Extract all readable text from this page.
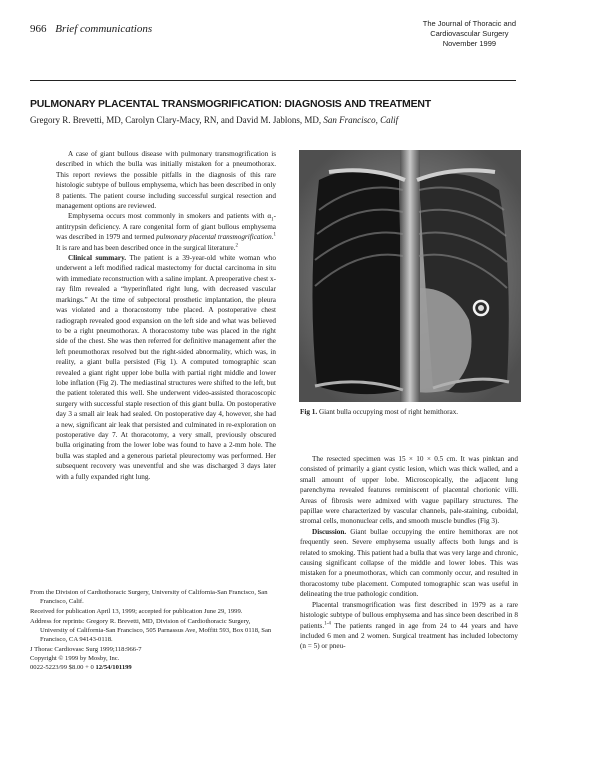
966 Brief communications	The Journal of Thoracic and
Cardiovascular Surgery
November 1999
PULMONARY PLACENTAL TRANSMOGRIFICATION: DIAGNOSIS AND TREATMENT
Gregory R. Brevetti, MD, Carolyn Clary-Macy, RN, and David M. Jablons, MD, San Francisco, Calif

A case of giant bullous disease with pulmonary transmogrification is described in which the bulla was initially mistaken for a pneumothorax. This report reviews the possible pitfalls in the diagnosis of this rare histologic subtype of bullous emphysema, which has been described in only 8 patients. The patient course including successful surgical resection and management options are reviewed.

Emphysema occurs most commonly in smokers and patients with $\alpha_1$-antitrypsin deficiency. A rare congenital form of giant bullous emphysema was described in 1979 and termed pulmonary placental transmogrification.$^1$ It is rare and has been described once in the surgical literature.$^2$

Clinical summary. The patient is a 39-year-old white woman who underwent a left modified radical mastectomy for ductal carcinoma in situ with immediate reconstruction with a saline implant. A preoperative chest x-ray film revealed a “hyperinflated right lung, with decreased vascular markings.” At the time of subpectoral prosthetic implantation, the pleura was violated and a thoracostomy tube placed. A postoperative chest radiograph revealed good expansion on the left side and what was believed to be a right pneumothorax. A thoracostomy tube was placed in the right side of the chest. She was then referred for definitive management after the left pneumothorax resolved but the right-sided abnormality, which was, in reality, a giant bulla persisted (Fig 1). A computed tomographic scan revealed a giant right upper lobe bulla with partial right middle and lower lobe inflation (Fig 2). The mediastinal structures were shifted to the left, but the patient tolerated this well. She underwent video-assisted thoracoscopic surgery with successful staple resection of this giant bulla. On postoperative day 3 a small air leak had sealed. On postoperative day 4, however, she had a new, significant air leak that persisted and culminated in re-exploration on postoperative day 7. At thoracotomy, a very small, previously obscured bulla originating from the lower lobe was found to have a 2-mm hole. The bulla was stapled and a generous parietal pleurectomy was performed. Her subsequent recovery was uneventful and she was discharged 3 days later with a fully expanded right lung.

From the Division of Cardiothoracic Surgery, University of California-San Francisco, San Francisco, Calif.
Received for publication April 13, 1999; accepted for publication June 29, 1999.
Address for reprints: Gregory R. Brevetti, MD, Division of Cardiothoracic Surgery, University of California-San Francisco, 505 Parnassus Ave, Moffitt 593, Box 0118, San Francisco, CA 94143-0118.
J Thorac Cardiovasc Surg 1999;118:966-7
Copyright © 1999 by Mosby, Inc.
0022-5223/99 $8.00 + 0 12/54/101199
Fig 1. Giant bulla occupying most of right hemithorax.

The resected specimen was 15 × 10 × 0.5 cm. It was pinktan and consisted of primarily a giant cystic lesion, which was thick walled, and a small amount of upper lobe. Microscopically, the adjacent lung parenchyma revealed features reminiscent of placental chorionic villi. Areas of fibrosis were admixed with vague papillary structures. The papillae were characterized by vascular channels, pale-staining, cuboidal, stromal cells, mononuclear cells, and smooth muscle bundles (Fig 3).

Discussion. Giant bullae occupying the entire hemithorax are not frequently seen. Severe emphysema usually affects both lungs and is related to smoking. This patient had a bulla that was very large and chronic, causing significant collapse of the middle and lower lobes. This was mistaken for a pneumothorax, which can commonly occur, and resulted in thoracostomy tube placement. Computed tomographic scan was useful in delineating the true pathologic condition.

Placental transmogrification was first described in 1979 as a rare histologic subtype of bullous emphysema and has since been described in 8 patients.$^{1-4}$ The patients ranged in age from 24 to 44 years and have included 6 men and 2 women. Surgical treatment has included lobectomy (n = 5) or pneu-
